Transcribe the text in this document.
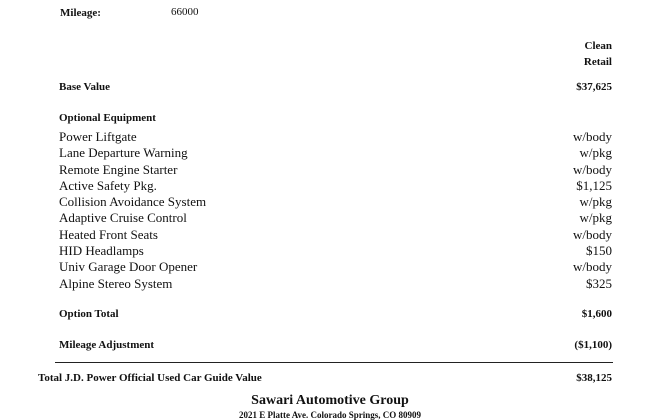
Mileage:	66000
Clean
Retail
Base Value	$37,625
Optional Equipment
Power Liftgate	w/body
Lane Departure Warning	w/pkg
Remote Engine Starter	w/body
Active Safety Pkg.	$1,125
Collision Avoidance System	w/pkg
Adaptive Cruise Control	w/pkg
Heated Front Seats	w/body
HID Headlamps	$150
Univ Garage Door Opener	w/body
Alpine Stereo System	$325
Option Total	$1,600
Mileage Adjustment	($1,100)
Total J.D. Power Official Used Car Guide Value	$38,125
Sawari Automotive Group
2021 E Platte Ave. Colorado Springs, CO 80909
